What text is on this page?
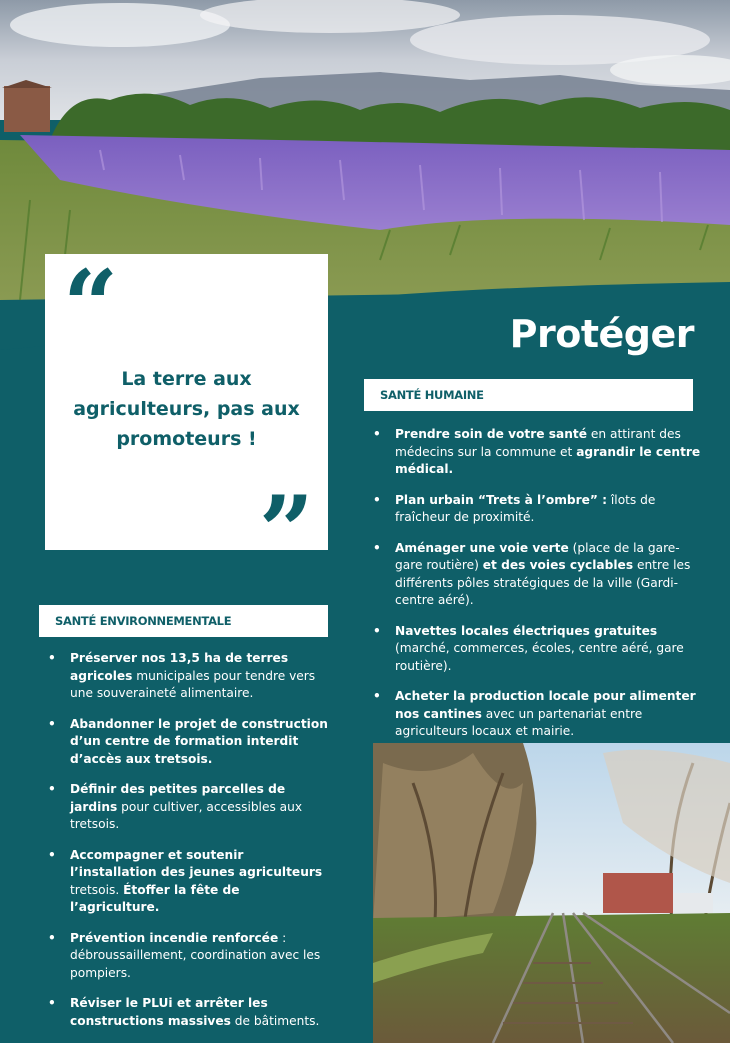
“
La terre aux agriculteurs, pas aux promoteurs !
”
Protéger
SANTÉ HUMAINE
• Prendre soin de votre santé en attirant des médecins sur la commune et agrandir le centre médical.
• Plan urbain “Trets à l’ombre” : îlots de fraîcheur de proximité.
• Aménager une voie verte (place de la gare-gare routière) et des voies cyclables entre les différents pôles stratégiques de la ville (Gardi-centre aéré).
• Navettes locales électriques gratuites (marché, commerces, écoles, centre aéré, gare routière).
• Acheter la production locale pour alimenter nos cantines avec un partenariat entre agriculteurs locaux et mairie.
SANTÉ ENVIRONNEMENTALE
• Préserver nos 13,5 ha de terres agricoles municipales pour tendre vers une souveraineté alimentaire.
• Abandonner le projet de construction d’un centre de formation interdit d’accès aux tretsois.
• Définir des petites parcelles de jardins pour cultiver, accessibles aux tretsois.
• Accompagner et soutenir l’installation des jeunes agriculteurs tretsois. Étoffer la fête de l’agriculture.
• Prévention incendie renforcée : débroussaillement, coordination avec les pompiers.
• Réviser le PLUi et arrêter les constructions massives de bâtiments.
